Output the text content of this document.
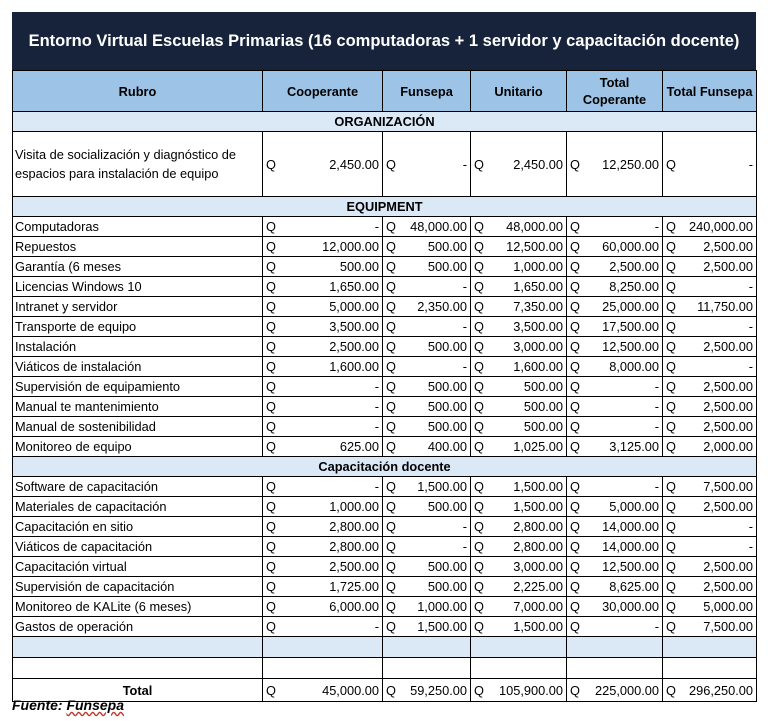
Entorno Virtual Escuelas Primarias (16 computadoras + 1 servidor y capacitación docente)
Rubro	Cooperante		Funsepa		Unitario		Total Coperante		Total Funsepa	
ORGANIZACIÓN										
Visita de socialización y diagnóstico de espacios para instalación de equipo	Q	2,450.00	Q	-	Q	2,450.00	Q	12,250.00	Q	-
EQUIPMENT										
Computadoras	Q	-	Q	48,000.00	Q	48,000.00	Q	-	Q	240,000.00
Repuestos	Q	12,000.00	Q	500.00	Q	12,500.00	Q	60,000.00	Q	2,500.00
Garantía (6 meses	Q	500.00	Q	500.00	Q	1,000.00	Q	2,500.00	Q	2,500.00
Licencias Windows 10	Q	1,650.00	Q	-	Q	1,650.00	Q	8,250.00	Q	-
Intranet y servidor	Q	5,000.00	Q	2,350.00	Q	7,350.00	Q	25,000.00	Q	11,750.00
Transporte de equipo	Q	3,500.00	Q	-	Q	3,500.00	Q	17,500.00	Q	-
Instalación	Q	2,500.00	Q	500.00	Q	3,000.00	Q	12,500.00	Q	2,500.00
Viáticos de instalación	Q	1,600.00	Q	-	Q	1,600.00	Q	8,000.00	Q	-
Supervisión de equipamiento	Q	-	Q	500.00	Q	500.00	Q	-	Q	2,500.00
Manual te mantenimiento	Q	-	Q	500.00	Q	500.00	Q	-	Q	2,500.00
Manual de sostenibilidad	Q	-	Q	500.00	Q	500.00	Q	-	Q	2,500.00
Monitoreo de equipo	Q	625.00	Q	400.00	Q	1,025.00	Q	3,125.00	Q	2,000.00
Capacitación docente										
Software de capacitación	Q	-	Q	1,500.00	Q	1,500.00	Q	-	Q	7,500.00
Materiales de capacitación	Q	1,000.00	Q	500.00	Q	1,500.00	Q	5,000.00	Q	2,500.00
Capacitación en sitio	Q	2,800.00	Q	-	Q	2,800.00	Q	14,000.00	Q	-
Viáticos de capacitación	Q	2,800.00	Q	-	Q	2,800.00	Q	14,000.00	Q	-
Capacitación virtual	Q	2,500.00	Q	500.00	Q	3,000.00	Q	12,500.00	Q	2,500.00
Supervisión de capacitación	Q	1,725.00	Q	500.00	Q	2,225.00	Q	8,625.00	Q	2,500.00
Monitoreo de KALite (6 meses)	Q	6,000.00	Q	1,000.00	Q	7,000.00	Q	30,000.00	Q	5,000.00
Gastos de operación	Q	-	Q	1,500.00	Q	1,500.00	Q	-	Q	7,500.00

Total	Q	45,000.00	Q	59,250.00	Q	105,900.00	Q	225,000.00	Q	296,250.00
Fuente: Funsepa
